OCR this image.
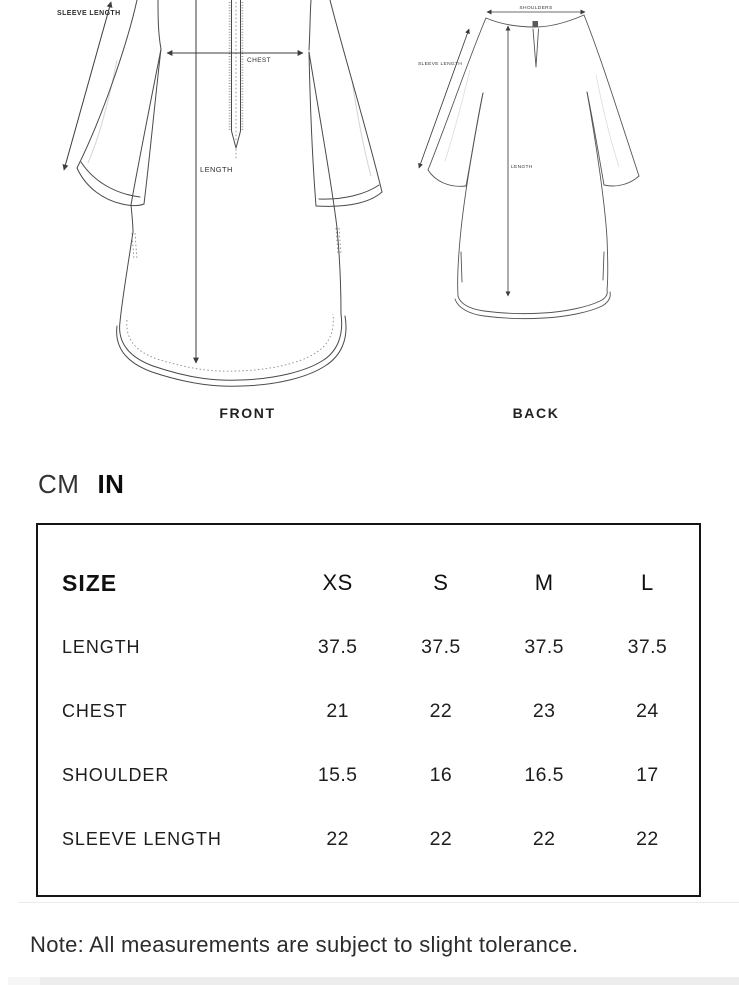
SLEEVE LENGTH
CHEST
LENGTH
SHOULDERS
SLEEVE LENGTH
LENGTH
FRONT	BACK
CM IN
SIZE	XS	S	M	L
LENGTH	37.5	37.5	37.5	37.5
CHEST	21	22	23	24
SHOULDER	15.5	16	16.5	17
SLEEVE LENGTH	22	22	22	22
Note: All measurements are subject to slight tolerance.
